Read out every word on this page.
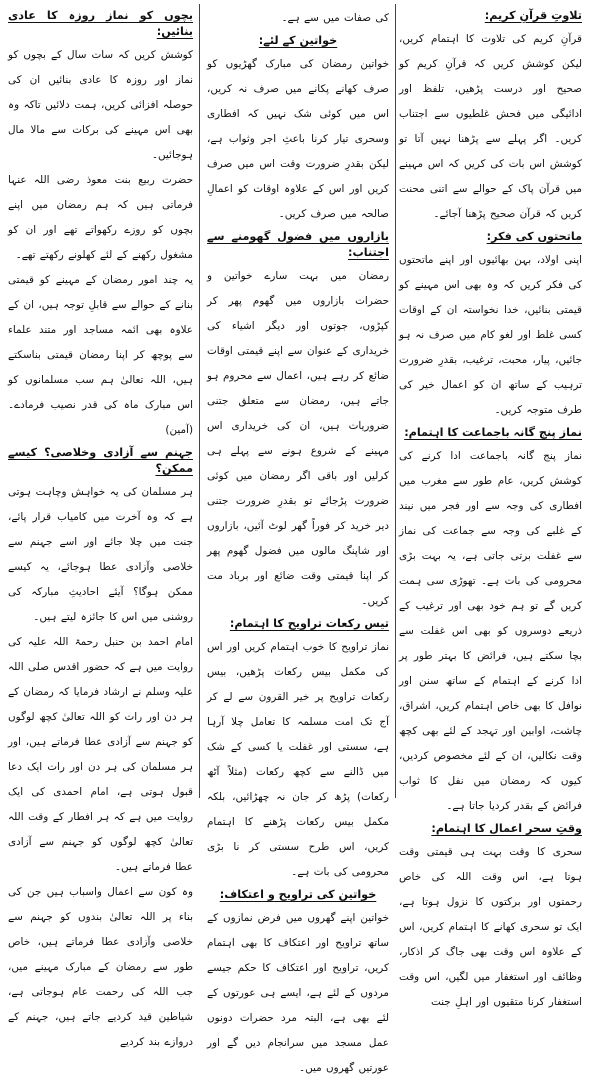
تلاوتِ قرآنِ کریم:

قرآنِ کریم کی تلاوت کا اہتمام کریں، لیکن کوشش کریں کہ قرآنِ کریم کو صحیح اور درست پڑھیں، تلفظ اور ادائیگی میں فحش غلطیوں سے اجتناب کریں۔ اگر پہلے سے پڑھنا نہیں آتا تو کوشش اس بات کی کریں کہ اس مہینے میں قرآن پاک کے حوالے سے اتنی محنت کریں کہ قرآن صحیح پڑھنا آجائے۔

ماتحتوں کی فکر:

اپنی اولاد، بہن بھائیوں اور اپنے ماتحتوں کی فکر کریں کہ وہ بھی اس مہینے کو قیمتی بنائیں، خدا نخواستہ ان کے اوقات کسی غلط اور لغو کام میں صرف نہ ہو جائیں، پیار، محبت، ترغیب، بقدرِ ضرورت ترہیب کے ساتھ ان کو اعمال خیر کی طرف متوجہ کریں۔

نماز پنج گانہ باجماعت کا اہتمام:

نماز پنج گانہ باجماعت ادا کرنے کی کوشش کریں، عام طور سے مغرب میں افطاری کی وجہ سے اور فجر میں نیند کے غلبے کی وجہ سے جماعت کی نماز سے غفلت برتی جاتی ہے، یہ بہت بڑی محرومی کی بات ہے۔ تھوڑی سی ہمت کریں گے تو ہم خود بھی اور ترغیب کے ذریعے دوسروں کو بھی اس غفلت سے بچا سکتے ہیں، فرائض کا بہتر طور پر ادا کرنے کے اہتمام کے ساتھ سنن اور نوافل کا بھی خاص اہتمام کریں، اشراق، چاشت، اوابین اور تہجد کے لئے بھی کچھ وقت نکالیں، ان کے لئے مخصوص کردیں، کیوں کہ رمضان میں نفل کا ثواب فرائض کے بقدر کردیا جاتا ہے۔

وقتِ سحر اعمال کا اہتمام:

سحری کا وقت بہت ہی قیمتی وقت ہوتا ہے، اس وقت اللہ کی خاص رحمتوں اور برکتوں کا نزول ہوتا ہے، ایک تو سحری کھانے کا اہتمام کریں، اس کے علاوہ اس وقت بھی جاگ کر اذکار، وظائف اور استغفار میں لگیں، اس وقت استغفار کرنا متقیوں اور اہلِ جنت

کی صفات میں سے ہے۔

خواتین کے لئے:

خواتین رمضان کی مبارک گھڑیوں کو صرف کھانے پکانے میں صرف نہ کریں، اس میں کوئی شک نہیں کہ افطاری وسحری تیار کرنا باعثِ اجر وثواب ہے، لیکن بقدرِ ضرورت وقت اس میں صرف کریں اور اس کے علاوہ اوقات کو اعمالِ صالحہ میں صرف کریں۔

بازاروں میں فضول گھومنے سے اجتناب:

رمضان میں بہت سارے خواتین و حضرات بازاروں میں گھوم پھر کر کپڑوں، جوتوں اور دیگر اشیاء کی خریداری کے عنوان سے اپنے قیمتی اوقات ضائع کر رہے ہیں، اعمال سے محروم ہو جاتے ہیں، رمضان سے متعلق جتنی ضروریات ہیں، ان کی خریداری اس مہینے کے شروع ہونے سے پہلے ہی کرلیں اور باقی اگر رمضان میں کوئی ضرورت پڑجائے تو بقدرِ ضرورت جتنی دیر خرید کر فوراً گھر لوٹ آئیں، بازاروں اور شاپنگ مالوں میں فضول گھوم پھر کر اپنا قیمتی وقت ضائع اور برباد مت کریں۔

تیس رکعات تراویح کا اہتمام:

نماز تراویح کا خوب اہتمام کریں اور اس کی مکمل بیس رکعات پڑھیں، بیس رکعات تراویح پر خیر القرون سے لے کر آج تک امت مسلمہ کا تعامل چلا آرہا ہے، سستی اور غفلت یا کسی کے شک میں ڈالنے سے کچھ رکعات (مثلاً آٹھ رکعات) پڑھ کر جان نہ چھڑائیں، بلکہ مکمل بیس رکعات پڑھنے کا اہتمام کریں، اس طرح سستی کر نا بڑی محرومی کی بات ہے۔

خواتین کی تراویح و اعتکاف:

خواتین اپنے گھروں میں فرض نمازوں کے ساتھ تراویح اور اعتکاف کا بھی اہتمام کریں، تراویح اور اعتکاف کا حکم جیسے مردوں کے لئے ہے، ایسے ہی عورتوں کے لئے بھی ہے، البتہ مرد حضرات دونوں عمل مسجد میں سرانجام دیں گے اور عورتیں گھروں میں۔

بچوں کو نماز روزہ کا عادی بنائیں:

کوشش کریں کہ سات سال کے بچوں کو نماز اور روزہ کا عادی بنائیں ان کی حوصلہ افزائی کریں، ہمت دلائیں تاکہ وہ بھی اس مہینے کی برکات سے مالا مال ہوجائیں۔

حضرت ربیع بنت معوذ رضی اللہ عنہا فرماتی ہیں کہ ہم رمضان میں اپنے بچوں کو روزے رکھواتے تھے اور ان کو مشغول رکھنے کے لئے کھلونے رکھتے تھے۔

یہ چند امور رمضان کے مہینے کو قیمتی بنانے کے حوالے سے قابلِ توجہ ہیں، ان کے علاوہ بھی ائمہ مساجد اور متند علماء سے پوچھ کر اپنا رمضان قیمتی بناسکتے ہیں، اللہ تعالیٰ ہم سب مسلمانوں کو اس مبارک ماہ کی قدر نصیب فرمادے۔ (آمین)

جہنم سے آزادی وخلاصی؟ کیسے ممکن؟

ہر مسلمان کی یہ خواہش وچاہت ہوتی ہے کہ وہ آخرت میں کامیاب قرار پائے، جنت میں چلا جائے اور اسے جہنم سے خلاصی وآزادی عطا ہوجائے، یہ کیسے ممکن ہوگا؟ آیئے احادیثِ مبارکہ کی روشنی میں اس کا جائزہ لیتے ہیں۔

امام احمد بن حنبل رحمۃ اللہ علیہ کی روایت میں ہے کہ حضور اقدس صلی اللہ علیہ وسلم نے ارشاد فرمایا کہ رمضان کے ہر دن اور رات کو اللہ تعالیٰ کچھ لوگوں کو جہنم سے آزادی عطا فرماتے ہیں، اور ہر مسلمان کی ہر دن اور رات ایک دعا قبول ہوتی ہے، امام احمدی کی ایک روایت میں ہے کہ ہر افطار کے وقت اللہ تعالیٰ کچھ لوگوں کو جہنم سے آزادی عطا فرماتے ہیں۔

وہ کون سے اعمال واسباب ہیں جن کی بناء پر اللہ تعالیٰ بندوں کو جہنم سے خلاصی وآزادی عطا فرماتے ہیں، خاص طور سے رمضان کے مبارک مہینے میں، جب اللہ کی رحمت عام ہوجاتی ہے، شیاطین قید کردیے جاتے ہیں، جہنم کے دروازے بند کردیے
